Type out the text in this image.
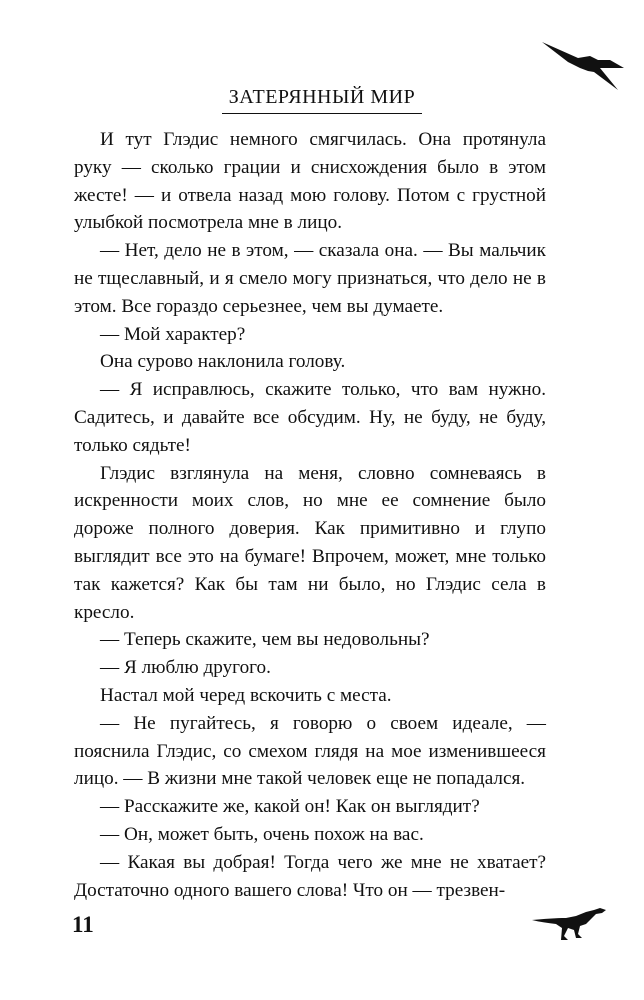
ЗАТЕРЯННЫЙ МИР

И тут Глэдис немного смягчилась. Она протянула руку — сколько грации и снисхождения было в этом жесте! — и отвела назад мою голову. Потом с грустной улыбкой посмотрела мне в лицо.

— Нет, дело не в этом, — сказала она. — Вы мальчик не тщеславный, и я смело могу признаться, что дело не в этом. Все гораздо серьезнее, чем вы думаете.

— Мой характер?

Она сурово наклонила голову.

— Я исправлюсь, скажите только, что вам нужно. Садитесь, и давайте все обсудим. Ну, не буду, не буду, только сядьте!

Глэдис взглянула на меня, словно сомневаясь в искренности моих слов, но мне ее сомнение было дороже полного доверия. Как примитивно и глупо выглядит все это на бумаге! Впрочем, может, мне только так кажется? Как бы там ни было, но Глэдис села в кресло.

— Теперь скажите, чем вы недовольны?

— Я люблю другого.

Настал мой черед вскочить с места.

— Не пугайтесь, я говорю о своем идеале, — пояснила Глэдис, со смехом глядя на мое изменившееся лицо. — В жизни мне такой человек еще не попадался.

— Расскажите же, какой он! Как он выглядит?

— Он, может быть, очень похож на вас.

— Какая вы добрая! Тогда чего же мне не хватает? Достаточно одного вашего слова! Что он — трезвен-

11
